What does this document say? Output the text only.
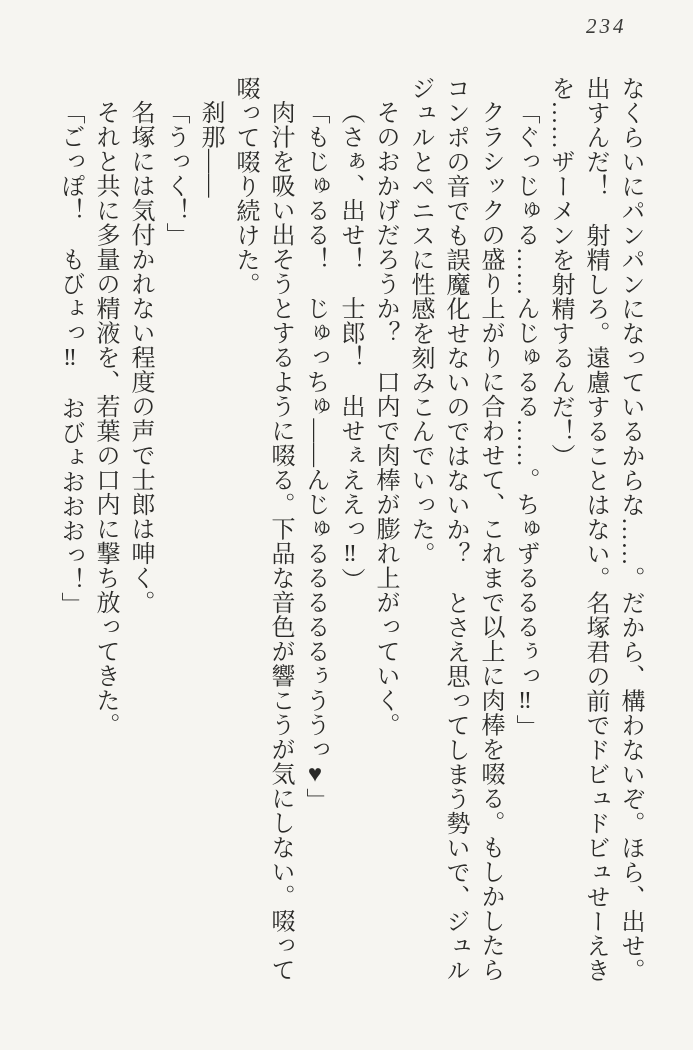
234

なくらいにパンパンになっているからな……。だから、構わないぞ。ほら、出せ。出すんだ！　射精しろ。遠慮することはない。名塚君の前でドビュドビュせーえきを……ザーメンを射精するんだ！）

「ぐっじゅる……んじゅるる……。ちゅずるるるぅっ‼」

クラシックの盛り上がりに合わせて、これまで以上に肉棒を啜る。もしかしたらコンポの音でも誤魔化せないのではないか？　とさえ思ってしまう勢いで、ジュルジュルとペニスに性感を刻みこんでいった。

そのおかげだろうか？　口内で肉棒が膨れ上がっていく。

（さぁ、出せ！　士郎！　出せぇええっ‼）

「もじゅるる！　じゅっちゅ――んじゅるるるるるぅううっ♥」

肉汁を吸い出そうとするように啜る。下品な音色が響こうが気にしない。啜って啜って啜り続けた。

刹那――

「うっく！」

名塚には気付かれない程度の声で士郎は呻く。

それと共に多量の精液を、若葉の口内に撃ち放ってきた。

「ごっぽ！　もびょっ‼　おびょおおおっ！」
